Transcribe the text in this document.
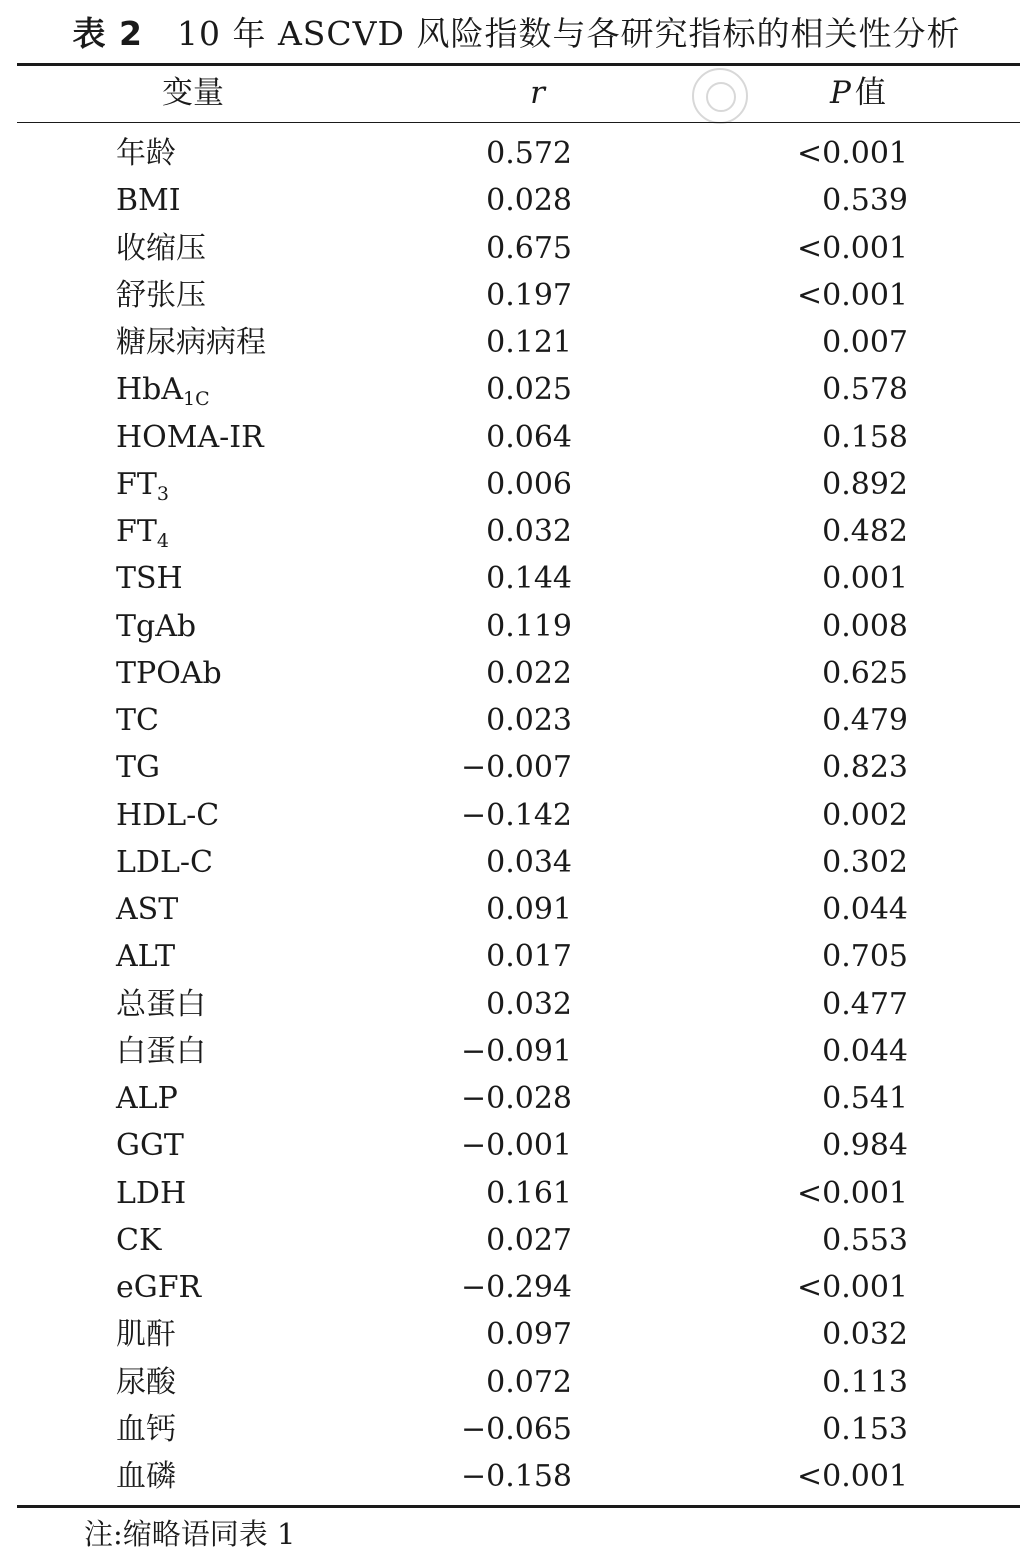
表 2 10 年 ASCVD 风险指数与各研究指标的相关性分析
变量	r	P 值
年龄	0.572	<0.001
BMI	0.028	0.539
收缩压	0.675	<0.001
舒张压	0.197	<0.001
糖尿病病程	0.121	0.007
HbA$_{1C}$	0.025	0.578
HOMA-IR	0.064	0.158
$FT_3$	0.006	0.892
$FT_4$	0.032	0.482
TSH	0.144	0.001
TgAb	0.119	0.008
TPOAb	0.022	0.625
TC	0.023	0.479
TG	−0.007	0.823
HDL-C	−0.142	0.002
LDL-C	0.034	0.302
AST	0.091	0.044
ALT	0.017	0.705
总蛋白	0.032	0.477
白蛋白	−0.091	0.044
ALP	−0.028	0.541
GGT	−0.001	0.984
LDH	0.161	<0.001
CK	0.027	0.553
eGFR	−0.294	<0.001
肌酐	0.097	0.032
尿酸	0.072	0.113
血钙	−0.065	0.153
血磷	−0.158	<0.001
注:缩略语同表 1
